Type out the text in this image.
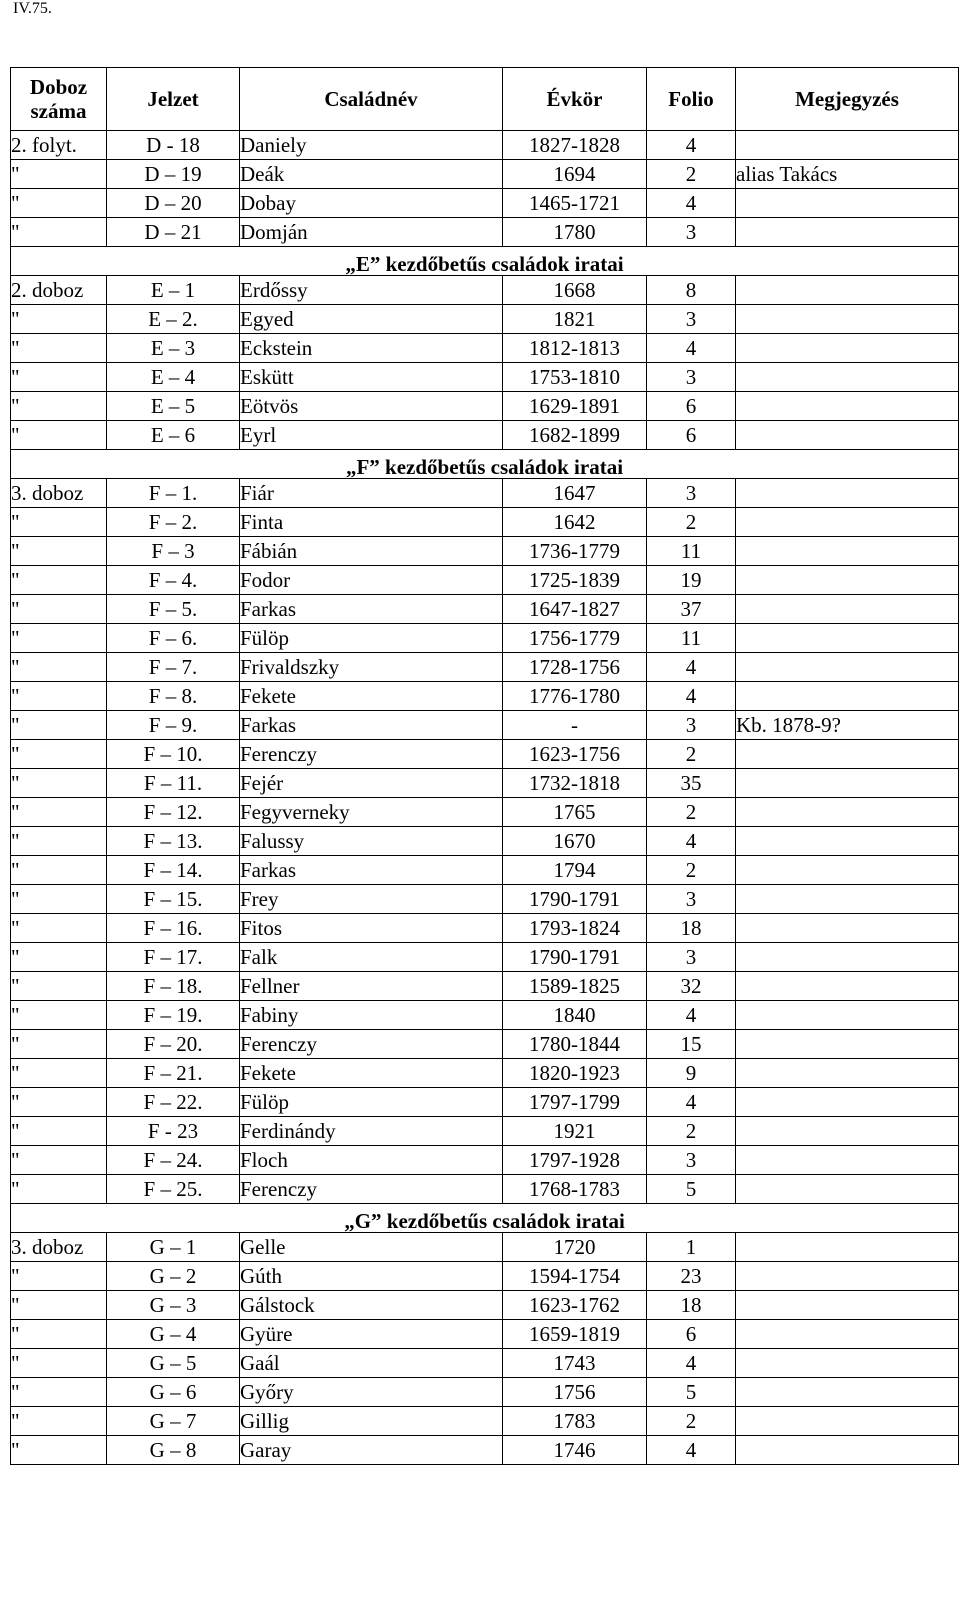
IV.75.
Doboz száma	Jelzet	Családnév	Évkör	Folio	Megjegyzés
2. folyt.	D - 18	Daniely	1827-1828	4	
"	D – 19	Deák	1694	2	alias Takács
"	D – 20	Dobay	1465-1721	4	
"	D – 21	Domján	1780	3	
„E” kezdőbetűs családok iratai					
2. doboz	E – 1	Erdőssy	1668	8	
"	E – 2.	Egyed	1821	3	
"	E – 3	Eckstein	1812-1813	4	
"	E – 4	Eskütt	1753-1810	3	
"	E – 5	Eötvös	1629-1891	6	
"	E – 6	Eyrl	1682-1899	6	
„F” kezdőbetűs családok iratai					
3. doboz	F – 1.	Fiár	1647	3	
"	F – 2.	Finta	1642	2	
"	F – 3	Fábián	1736-1779	11	
"	F – 4.	Fodor	1725-1839	19	
"	F – 5.	Farkas	1647-1827	37	
"	F – 6.	Fülöp	1756-1779	11	
"	F – 7.	Frivaldszky	1728-1756	4	
"	F – 8.	Fekete	1776-1780	4	
"	F – 9.	Farkas	-	3	Kb. 1878-9?
"	F – 10.	Ferenczy	1623-1756	2	
"	F – 11.	Fejér	1732-1818	35	
"	F – 12.	Fegyverneky	1765	2	
"	F – 13.	Falussy	1670	4	
"	F – 14.	Farkas	1794	2	
"	F – 15.	Frey	1790-1791	3	
"	F – 16.	Fitos	1793-1824	18	
"	F – 17.	Falk	1790-1791	3	
"	F – 18.	Fellner	1589-1825	32	
"	F – 19.	Fabiny	1840	4	
"	F – 20.	Ferenczy	1780-1844	15	
"	F – 21.	Fekete	1820-1923	9	
"	F – 22.	Fülöp	1797-1799	4	
"	F - 23	Ferdinándy	1921	2	
"	F – 24.	Floch	1797-1928	3	
"	F – 25.	Ferenczy	1768-1783	5	
„G” kezdőbetűs családok iratai					
3. doboz	G – 1	Gelle	1720	1	
"	G – 2	Gúth	1594-1754	23	
"	G – 3	Gálstock	1623-1762	18	
"	G – 4	Gyüre	1659-1819	6	
"	G – 5	Gaál	1743	4	
"	G – 6	Győry	1756	5	
"	G – 7	Gillig	1783	2	
"	G – 8	Garay	1746	4	
